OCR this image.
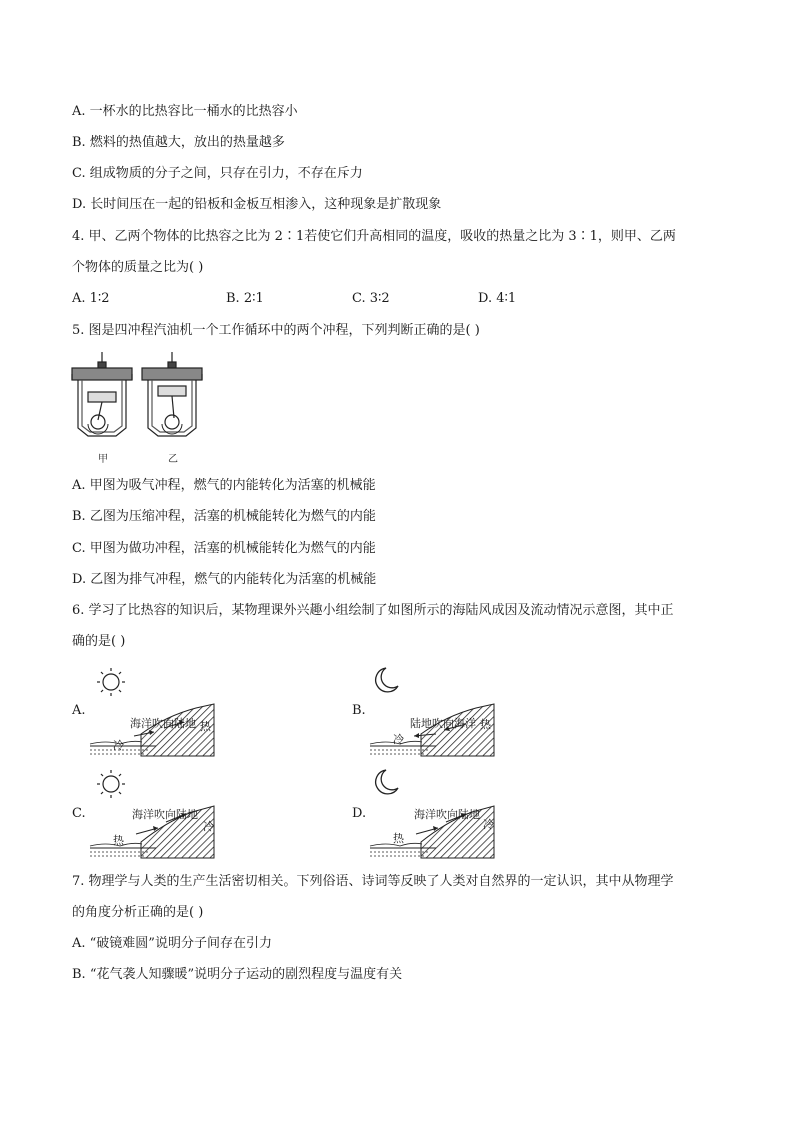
A. 一杯水的比热容比一桶水的比热容小
B. 燃料的热值越大，放出的热量越多
C. 组成物质的分子之间，只存在引力，不存在斥力
D. 长时间压在一起的铅板和金板互相渗入，这种现象是扩散现象
4. 甲、乙两个物体的比热容之比为 2∶1若使它们升高相同的温度，吸收的热量之比为 3∶1，则甲、乙两
个物体的质量之比为( )
A. 1∶2	B. 2∶1	C. 3∶2	D. 4∶1
5. 图是四冲程汽油机一个工作循环中的两个冲程，下列判断正确的是( )
甲	乙
A. 甲图为吸气冲程，燃气的内能转化为活塞的机械能
B. 乙图为压缩冲程，活塞的机械能转化为燃气的内能
C. 甲图为做功冲程，活塞的机械能转化为燃气的内能
D. 乙图为排气冲程，燃气的内能转化为活塞的机械能
6. 学习了比热容的知识后，某物理课外兴趣小组绘制了如图所示的海陆风成因及流动情况示意图，其中正
确的是( )
A.
海洋吹向陆地
冷
热
B.
陆地吹向海洋
冷
热
C.	海洋吹向陆地
热
冷
D.	海洋吹向陆地
热
冷
7. 物理学与人类的生产生活密切相关。下列俗语、诗词等反映了人类对自然界的一定认识，其中从物理学
的角度分析正确的是( )
A. “破镜难圆”说明分子间存在引力
B. “花气袭人知骤暖”说明分子运动的剧烈程度与温度有关
